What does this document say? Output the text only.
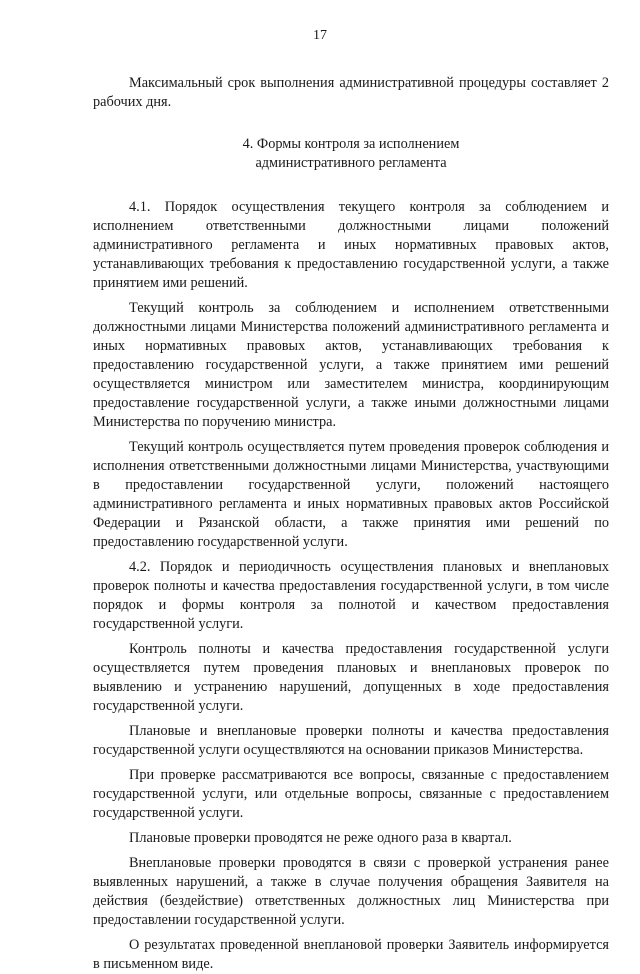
17

Максимальный срок выполнения административной процедуры составляет 2 рабочих дня.

4. Формы контроля за исполнением
административного регламента

4.1. Порядок осуществления текущего контроля за соблюдением и исполнением ответственными должностными лицами положений административного регламента и иных нормативных правовых актов, устанавливающих требования к предоставлению государственной услуги, а также принятием ими решений.

Текущий контроль за соблюдением и исполнением ответственными должностными лицами Министерства положений административного регламента и иных нормативных правовых актов, устанавливающих требования к предоставлению государственной услуги, а также принятием ими решений осуществляется министром или заместителем министра, координирующим предоставление государственной услуги, а также иными должностными лицами Министерства по поручению министра.

Текущий контроль осуществляется путем проведения проверок соблюдения и исполнения ответственными должностными лицами Министерства, участвующими в предоставлении государственной услуги, положений настоящего административного регламента и иных нормативных правовых актов Российской Федерации и Рязанской области, а также принятия ими решений по предоставлению государственной услуги.

4.2. Порядок и периодичность осуществления плановых и внеплановых проверок полноты и качества предоставления государственной услуги, в том числе порядок и формы контроля за полнотой и качеством предоставления государственной услуги.

Контроль полноты и качества предоставления государственной услуги осуществляется путем проведения плановых и внеплановых проверок по выявлению и устранению нарушений, допущенных в ходе предоставления государственной услуги.

Плановые и внеплановые проверки полноты и качества предоставления государственной услуги осуществляются на основании приказов Министерства.

При проверке рассматриваются все вопросы, связанные с предоставлением государственной услуги, или отдельные вопросы, связанные с предоставлением государственной услуги.

Плановые проверки проводятся не реже одного раза в квартал.

Внеплановые проверки проводятся в связи с проверкой устранения ранее выявленных нарушений, а также в случае получения обращения Заявителя на действия (бездействие) ответственных должностных лиц Министерства при предоставлении государственной услуги.

О результатах проведенной внеплановой проверки Заявитель информируется в письменном виде.
